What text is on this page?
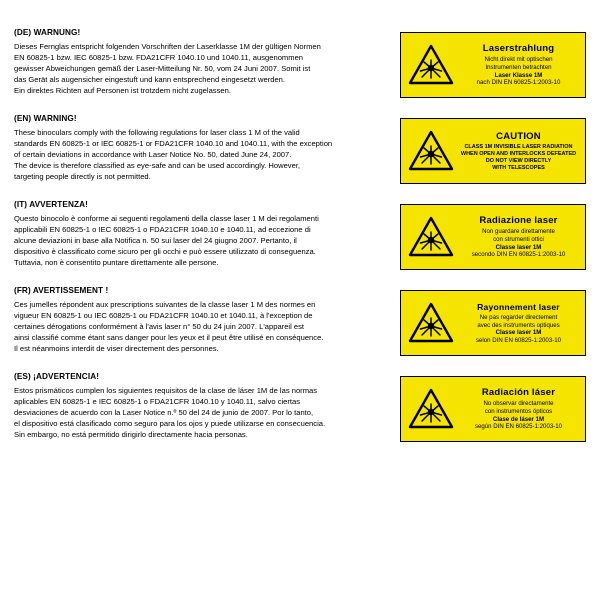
(DE) WARNUNG!

Dieses Fernglas entspricht folgenden Vorschriften der Laserklasse 1M der gültigen Normen
EN 60825-1 bzw. IEC 60825-1 bzw. FDA21CFR 1040.10 und 1040.11, ausgenommen
gewisser Abweichungen gemäß der Laser-Mitteilung Nr. 50, vom 24 Juni 2007. Somit ist
das Gerät als augensicher eingestuft und kann entsprechend eingesetzt werden.
Ein direktes Richten auf Personen ist trotzdem nicht zugelassen.
Laserstrahlung
Nicht direkt mit optischen
Instrumenten betrachten
Laser Klasse 1M
nach DIN EN 60825-1:2003-10

(EN) WARNING!

These binoculars comply with the following regulations for laser class 1 M of the valid
standards EN 60825-1 or IEC 60825-1 or FDA21CFR 1040.10 and 1040.11, with the exception
of certain deviations in accordance with Laser Notice No. 50, dated June 24, 2007.
The device is therefore classified as eye-safe and can be used accordingly. However,
targeting people directly is not permitted.
CAUTION
CLASS 1M INVISIBLE LASER RADIATION
WHEN OPEN AND INTERLOCKS DEFEATED
DO NOT VIEW DIRECTLY
WITH TELESCOPES

(IT) AVVERTENZA!

Questo binocolo è conforme ai seguenti regolamenti della classe laser 1 M dei regolamenti
applicabili EN 60825-1 o IEC 60825-1 o FDA21CFR 1040.10 e 1040.11, ad eccezione di
alcune deviazioni in base alla Notifica n. 50 sui laser del 24 giugno 2007. Pertanto, il
dispositivo è classificato come sicuro per gli occhi e può essere utilizzato di conseguenza.
Tuttavia, non è consentito puntare direttamente alle persone.
Radiazione laser
Non guardare direttamente
con strumenti ottici
Classe laser 1M
secondo DIN EN 60825-1:2003-10

(FR) AVERTISSEMENT !

Ces jumelles répondent aux prescriptions suivantes de la classe laser 1 M des normes en
vigueur EN 60825-1 ou IEC 60825-1 ou FDA21CFR 1040.10 et 1040.11, à l'exception de
certaines dérogations conformément à l'avis laser n° 50 du 24 juin 2007. L'appareil est
ainsi classifié comme étant sans danger pour les yeux et il peut être utilisé en conséquence.
Il est néanmoins interdit de viser directement des personnes.
Rayonnement laser
Ne pas regarder directement
avec des instruments optiques
Classe laser 1M
selon DIN EN 60825-1:2003-10

(ES) ¡ADVERTENCIA!

Estos prismáticos cumplen los siguientes requisitos de la clase de láser 1M de las normas
aplicables EN 60825-1 e IEC 60825-1 o FDA21CFR 1040.10 y 1040.11, salvo ciertas
desviaciones de acuerdo con la Laser Notice n.º 50 del 24 de junio de 2007. Por lo tanto,
el dispositivo está clasificado como seguro para los ojos y puede utilizarse en consecuencia.
Sin embargo, no está permitido dirigirlo directamente hacia personas.
Radiación láser
No observar directamente
con instrumentos ópticos
Clase de láser 1M
según DIN EN 60825-1:2003-10
